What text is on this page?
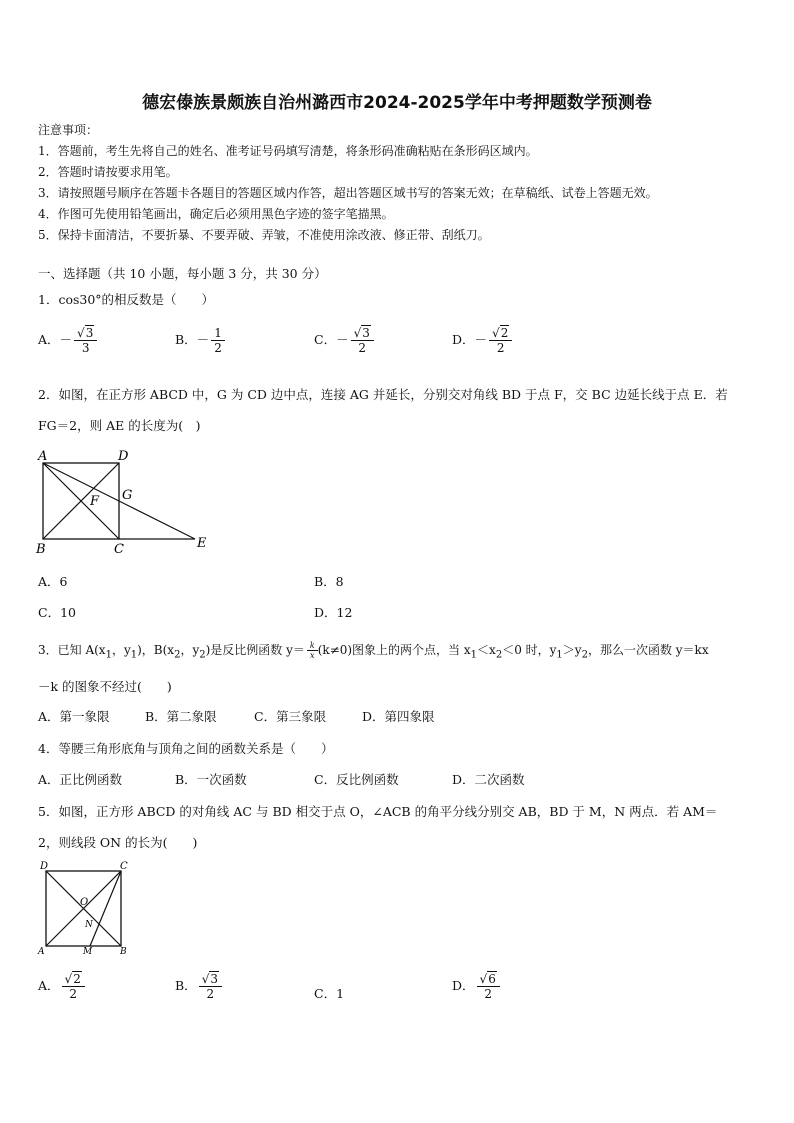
德宏傣族景颇族自治州潞西市2024-2025学年中考押题数学预测卷
注意事项：
1．答题前，考生先将自己的姓名、准考证号码填写清楚，将条形码准确粘贴在条形码区域内。
2．答题时请按要求用笔。
3．请按照题号顺序在答题卡各题目的答题区域内作答，超出答题区域书写的答案无效；在草稿纸、试卷上答题无效。
4．作图可先使用铅笔画出，确定后必须用黑色字迹的签字笔描黑。
5．保持卡面清洁，不要折暴、不要弄破、弄皱，不准使用涂改液、修正带、刮纸刀。
一、选择题（共 10 小题，每小题 3 分，共 30 分）
1．cos30°的相反数是（　　）
A．－ $\frac{√3}{3}$	B．－ $\frac{1}{2}$	C．－ $\frac{√3}{2}$	D．－ $\frac{√2}{2}$
2．如图，在正方形 ABCD 中，G 为 CD 边中点，连接 AG 并延长，分别交对角线 BD 于点 F，交 BC 边延长线于点 E．若
FG＝2，则 AE 的长度为(　)
A	D
G
F
B	C	E
A．6	B．8
C．10	D．12
3．已知 $A(x_1$，$y_1$)，$B(x_2$，$y_2$)是反比例函数 $y= \frac{k}{x} (k\ne 0)$图象上的两个点，当 $x_1<x_2<0$ 时，$y_1>y_2$，那么一次函数 y＝kx
－k 的图象不经过(　　)
A．第一象限	B．第二象限	C．第三象限	D．第四象限
4．等腰三角形底角与顶角之间的函数关系是（　　）
A．正比例函数	B．一次函数	C．反比例函数	D．二次函数
5．如图，正方形 ABCD 的对角线 AC 与 BD 相交于点 O，∠ACB 的角平分线分别交 AB，BD 于 M，N 两点．若 AM＝
2，则线段 ON 的长为(　　)
D	C
O
N
A	M	B
A． $\frac{√2}{2}$	B． $\frac{√3}{2}$	C．1
D． $\frac{√6}{2}$
